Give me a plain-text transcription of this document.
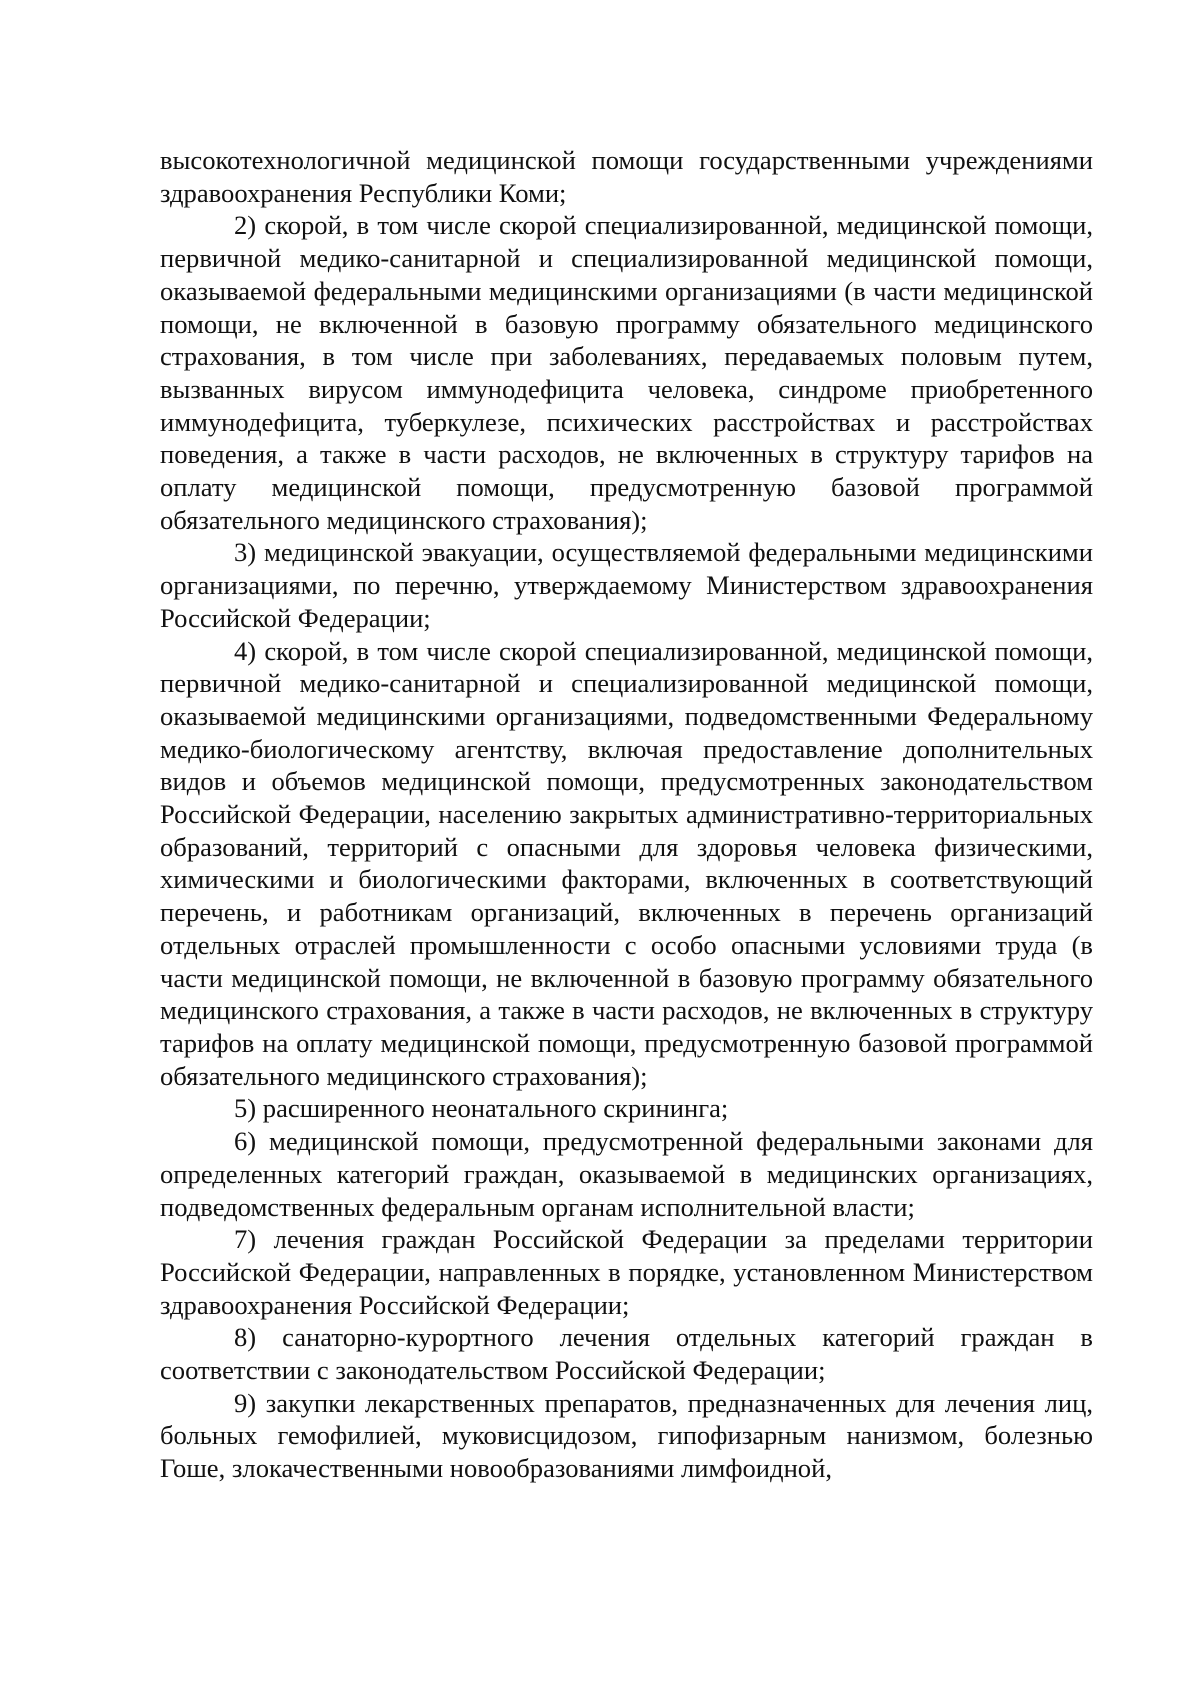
высокотехнологичной медицинской помощи государственными учреждениями здравоохранения Республики Коми;

2) скорой, в том числе скорой специализированной, медицинской помощи, первичной медико-санитарной и специализированной медицинской помощи, оказываемой федеральными медицинскими организациями (в части медицинской помощи, не включенной в базовую программу обязательного медицинского страхования, в том числе при заболеваниях, передаваемых половым путем, вызванных вирусом иммунодефицита человека, синдроме приобретенного иммунодефицита, туберкулезе, психических расстройствах и расстройствах поведения, а также в части расходов, не включенных в структуру тарифов на оплату медицинской помощи, предусмотренную базовой программой обязательного медицинского страхования);

3) медицинской эвакуации, осуществляемой федеральными медицинскими организациями, по перечню, утверждаемому Министерством здравоохранения Российской Федерации;

4) скорой, в том числе скорой специализированной, медицинской помощи, первичной медико-санитарной и специализированной медицинской помощи, оказываемой медицинскими организациями, подведомственными Федеральному медико-биологическому агентству, включая предоставление дополнительных видов и объемов медицинской помощи, предусмотренных законодательством Российской Федерации, населению закрытых административно-территориальных образований, территорий с опасными для здоровья человека физическими, химическими и биологическими факторами, включенных в соответствующий перечень, и работникам организаций, включенных в перечень организаций отдельных отраслей промышленности с особо опасными условиями труда (в части медицинской помощи, не включенной в базовую программу обязательного медицинского страхования, а также в части расходов, не включенных в структуру тарифов на оплату медицинской помощи, предусмотренную базовой программой обязательного медицинского страхования);

5) расширенного неонатального скрининга;

6) медицинской помощи, предусмотренной федеральными законами для определенных категорий граждан, оказываемой в медицинских организациях, подведомственных федеральным органам исполнительной власти;

7) лечения граждан Российской Федерации за пределами территории Российской Федерации, направленных в порядке, установленном Министерством здравоохранения Российской Федерации;

8) санаторно-курортного лечения отдельных категорий граждан в соответствии с законодательством Российской Федерации;

9) закупки лекарственных препаратов, предназначенных для лечения лиц, больных гемофилией, муковисцидозом, гипофизарным нанизмом, болезнью Гоше, злокачественными новообразованиями лимфоидной,
